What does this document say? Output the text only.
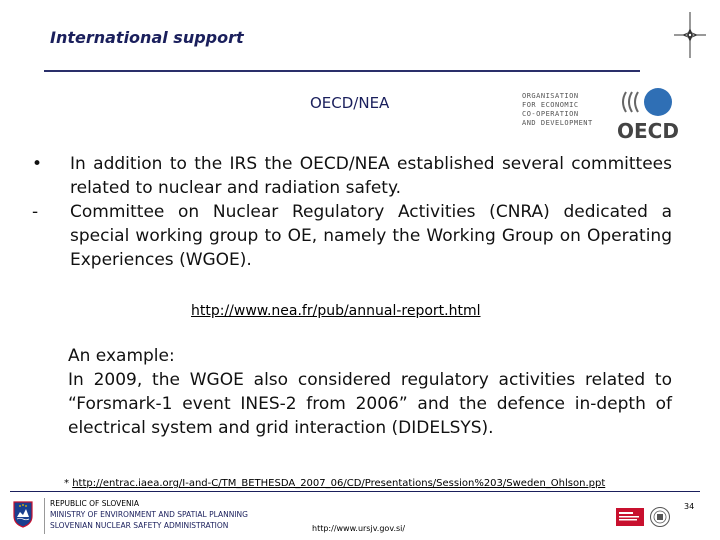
International support
OECD/NEA	ORGANISATION
FOR ECONOMIC
CO-OPERATION
AND DEVELOPMENT OECD
•	In addition to the IRS the OECD/NEA established several committees related to nuclear and radiation safety.
-	Committee on Nuclear Regulatory Activities (CNRA) dedicated a special working group to OE, namely the Working Group on Operating Experiences (WGOE).
http://www.nea.fr/pub/annual-report.html
An example:
In 2009, the WGOE also considered regulatory activities related to “Forsmark-1 event INES-2 from 2006” and the defence in-depth of electrical system and grid interaction (DIDELSYS).
* http://entrac.iaea.org/I-and-C/TM_BETHESDA_2007_06/CD/Presentations/Session%203/Sweden_Ohlson.ppt
REPUBLIC OF SLOVENIA
MINISTRY OF ENVIRONMENT AND SPATIAL PLANNING
SLOVENIAN NUCLEAR SAFETY ADMINISTRATION	http://www.ursjv.gov.si/
34
